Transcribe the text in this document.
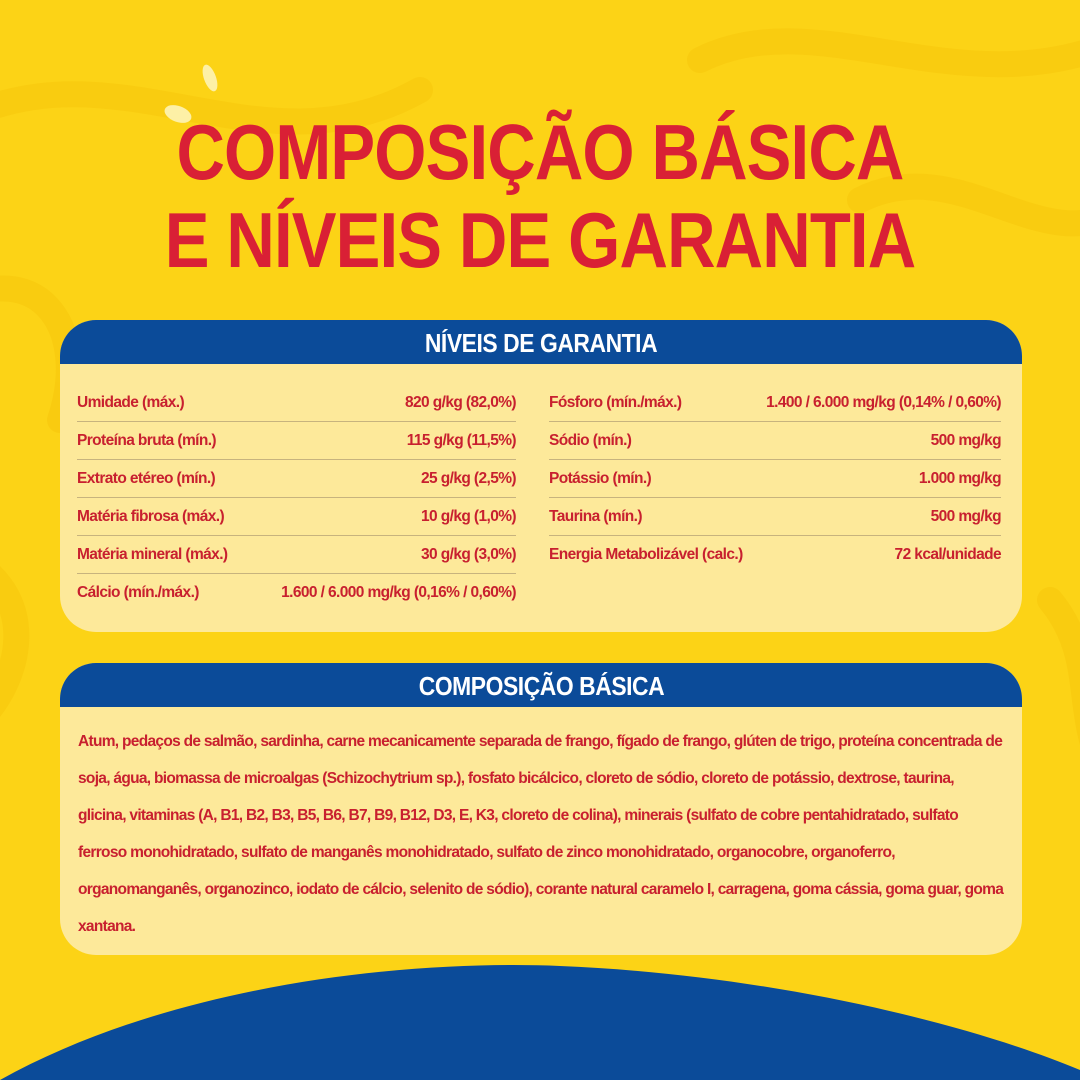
COMPOSIÇÃO BÁSICA
E NÍVEIS DE GARANTIA
NÍVEIS DE GARANTIA
Umidade (máx.)	820 g/kg (82,0%)
Proteína bruta (mín.)	115 g/kg (11,5%)
Extrato etéreo (mín.)	25 g/kg (2,5%)
Matéria fibrosa (máx.)	10 g/kg (1,0%)
Matéria mineral (máx.)	30 g/kg (3,0%)
Cálcio (mín./máx.)	1.600 / 6.000 mg/kg (0,16% / 0,60%)
Fósforo (mín./máx.)	1.400 / 6.000 mg/kg (0,14% / 0,60%)
Sódio (mín.)	500 mg/kg
Potássio (mín.)	1.000 mg/kg
Taurina (mín.)	500 mg/kg
Energia Metabolizável (calc.)	72 kcal/unidade
COMPOSIÇÃO BÁSICA

Atum, pedaços de salmão, sardinha, carne mecanicamente separada de frango, fígado de frango, glúten de trigo, proteína concentrada de soja, água, biomassa de microalgas (Schizochytrium sp.), fosfato bicálcico, cloreto de sódio, cloreto de potássio, dextrose, taurina, glicina, vitaminas (A, B1, B2, B3, B5, B6, B7, B9, B12, D3, E, K3, cloreto de colina), minerais (sulfato de cobre pentahidratado, sulfato ferroso monohidratado, sulfato de manganês monohidratado, sulfato de zinco monohidratado, organocobre, organoferro, organomanganês, organozinco, iodato de cálcio, selenito de sódio), corante natural caramelo I, carragena, goma cássia, goma guar, goma xantana.
